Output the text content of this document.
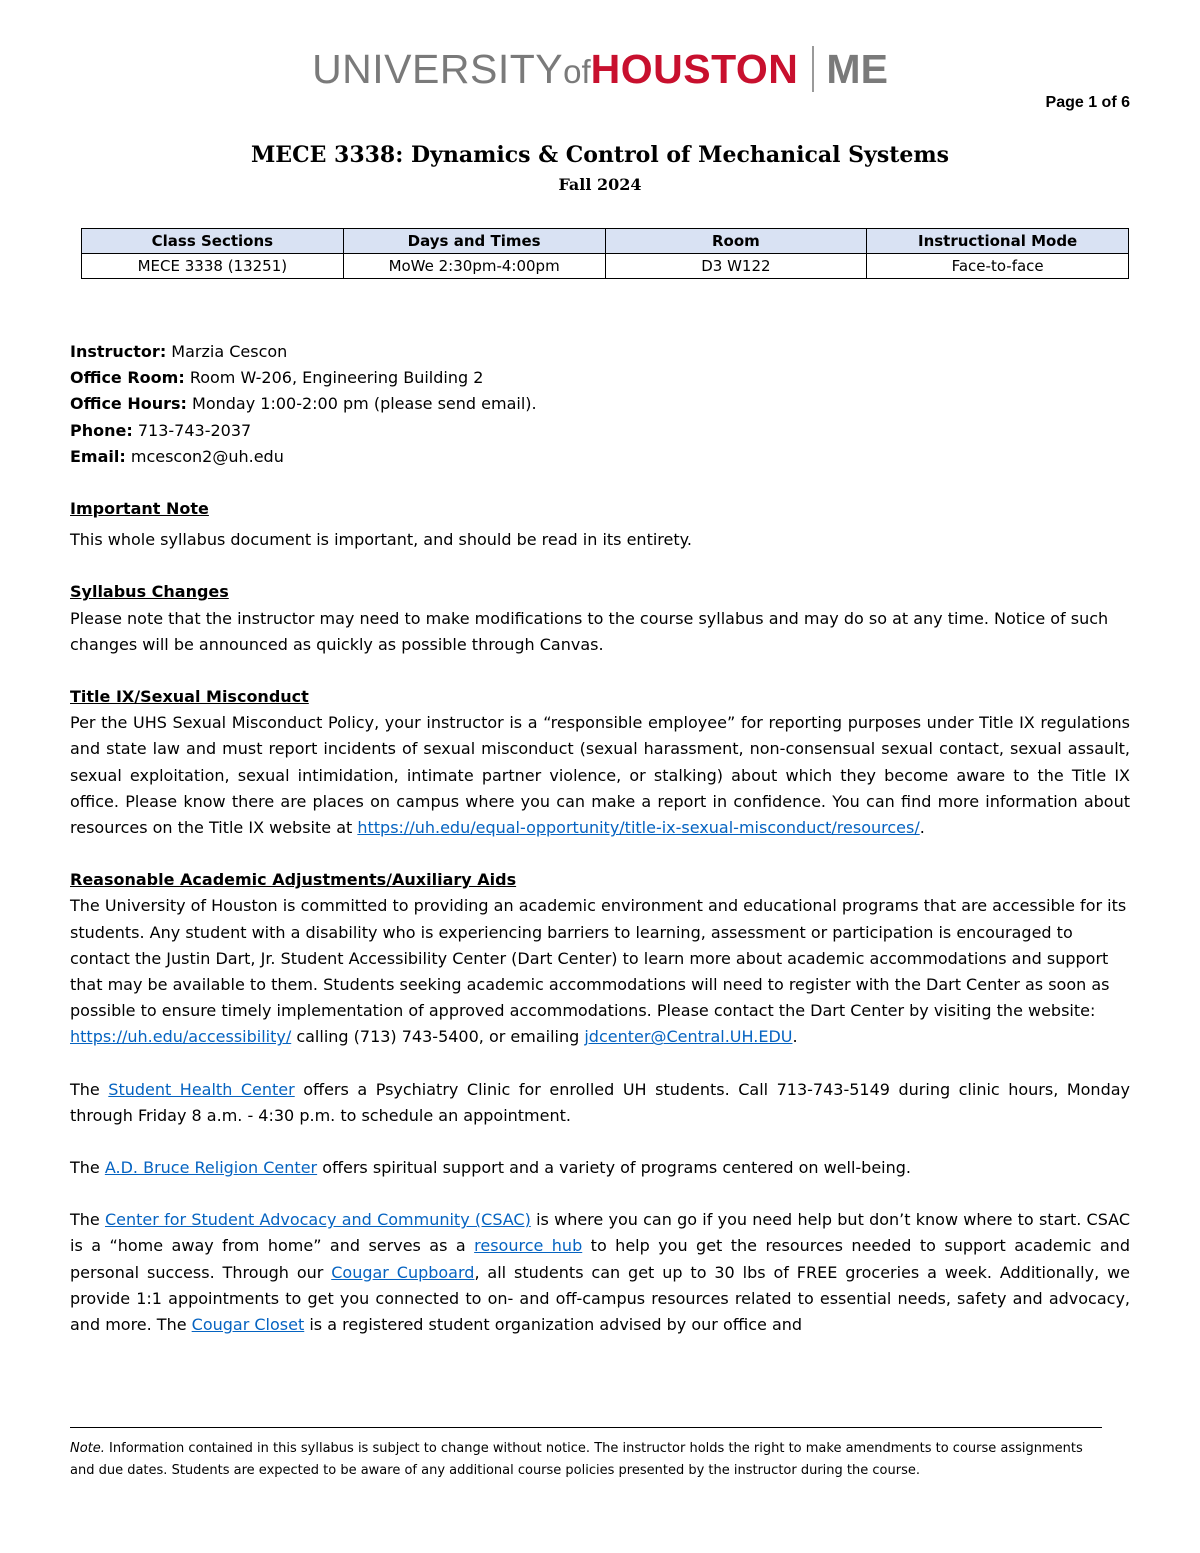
UNIVERSITYofHOUSTON ME
Page 1 of 6
MECE 3338: Dynamics & Control of Mechanical Systems
Fall 2024
Class Sections	Days and Times	Room	Instructional Mode
MECE 3338 (13251)	MoWe 2:30pm-4:00pm	D3 W122	Face-to-face

Instructor: Marzia Cescon

Office Room: Room W-206, Engineering Building 2

Office Hours: Monday 1:00-2:00 pm (please send email).

Phone: 713-743-2037

Email: mcescon2@uh.edu

Important Note

This whole syllabus document is important, and should be read in its entirety.

Syllabus Changes

Please note that the instructor may need to make modifications to the course syllabus and may do so at any time. Notice of such changes will be announced as quickly as possible through Canvas.

Title IX/Sexual Misconduct

Per the UHS Sexual Misconduct Policy, your instructor is a “responsible employee” for reporting purposes under Title IX regulations and state law and must report incidents of sexual misconduct (sexual harassment, non-consensual sexual contact, sexual assault, sexual exploitation, sexual intimidation, intimate partner violence, or stalking) about which they become aware to the Title IX office. Please know there are places on campus where you can make a report in confidence. You can find more information about resources on the Title IX website at https://uh.edu/equal-opportunity/title-ix-sexual-misconduct/resources/.

Reasonable Academic Adjustments/Auxiliary Aids

The University of Houston is committed to providing an academic environment and educational programs that are accessible for its students. Any student with a disability who is experiencing barriers to learning, assessment or participation is encouraged to contact the Justin Dart, Jr. Student Accessibility Center (Dart Center) to learn more about academic accommodations and support that may be available to them. Students seeking academic accommodations will need to register with the Dart Center as soon as possible to ensure timely implementation of approved accommodations. Please contact the Dart Center by visiting the website: https://uh.edu/accessibility/ calling (713) 743-5400, or emailing jdcenter@Central.UH.EDU.

The Student Health Center offers a Psychiatry Clinic for enrolled UH students. Call 713-743-5149 during clinic hours, Monday through Friday 8 a.m. - 4:30 p.m. to schedule an appointment.

The A.D. Bruce Religion Center offers spiritual support and a variety of programs centered on well-being.

The Center for Student Advocacy and Community (CSAC) is where you can go if you need help but don’t know where to start. CSAC is a “home away from home” and serves as a resource hub to help you get the resources needed to support academic and personal success. Through our Cougar Cupboard, all students can get up to 30 lbs of FREE groceries a week. Additionally, we provide 1:1 appointments to get you connected to on- and off-campus resources related to essential needs, safety and advocacy, and more. The Cougar Closet is a registered student organization advised by our office and

Note. Information contained in this syllabus is subject to change without notice. The instructor holds the right to make amendments to course assignments and due dates. Students are expected to be aware of any additional course policies presented by the instructor during the course.
